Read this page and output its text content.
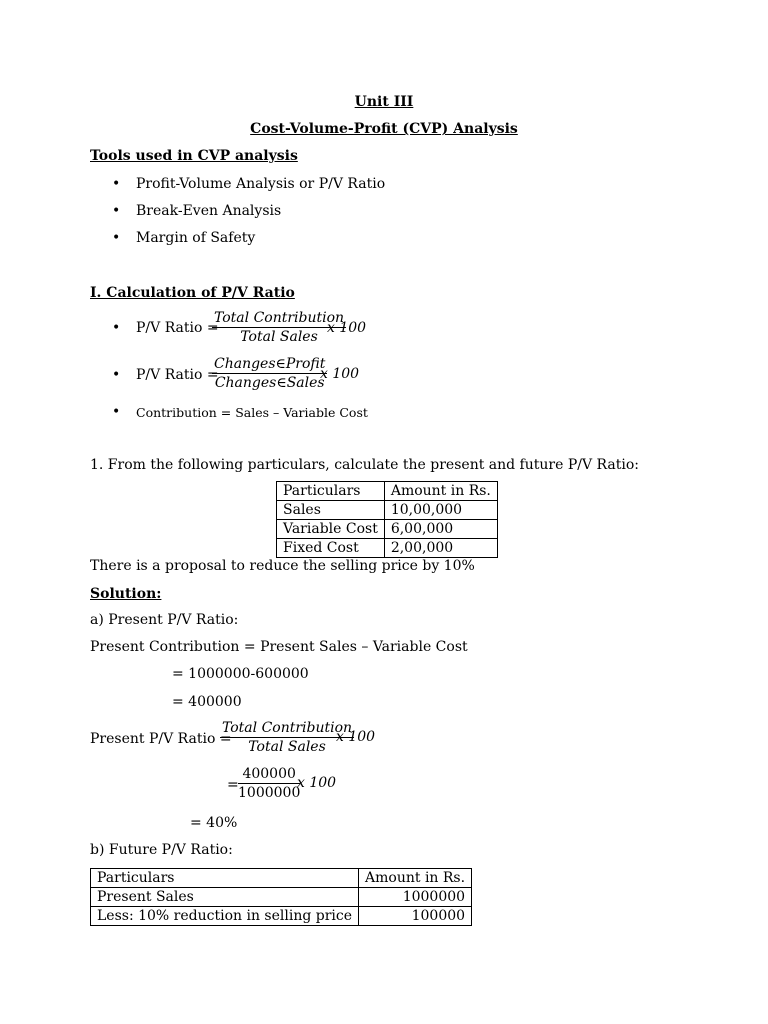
Unit III
Cost-Volume-Profit (CVP) Analysis
Tools used in CVP analysis
• Profit-Volume Analysis or P/V Ratio
• Break-Even Analysis
• Margin of Safety
I. Calculation of P/V Ratio
• P/V Ratio =
Total Contribution
Total Sales
x 100
• P/V Ratio =
Changes∈Profit
Changes∈Sales
x 100
• Contribution = Sales – Variable Cost
1. From the following particulars, calculate the present and future P/V Ratio:
Particulars	Amount in Rs.
Sales	10,00,000
Variable Cost	6,00,000
Fixed Cost	2,00,000
There is a proposal to reduce the selling price by 10%
Solution:
a) Present P/V Ratio:
Present Contribution = Present Sales – Variable Cost
= 1000000-600000
= 400000
Present P/V Ratio =
Total Contribution
Total Sales
x 100
= $\frac{400000}{1000000}$
x 100
= 40%
b) Future P/V Ratio:
Particulars	Amount in Rs.
Present Sales	1000000
Less: 10% reduction in selling price	100000
